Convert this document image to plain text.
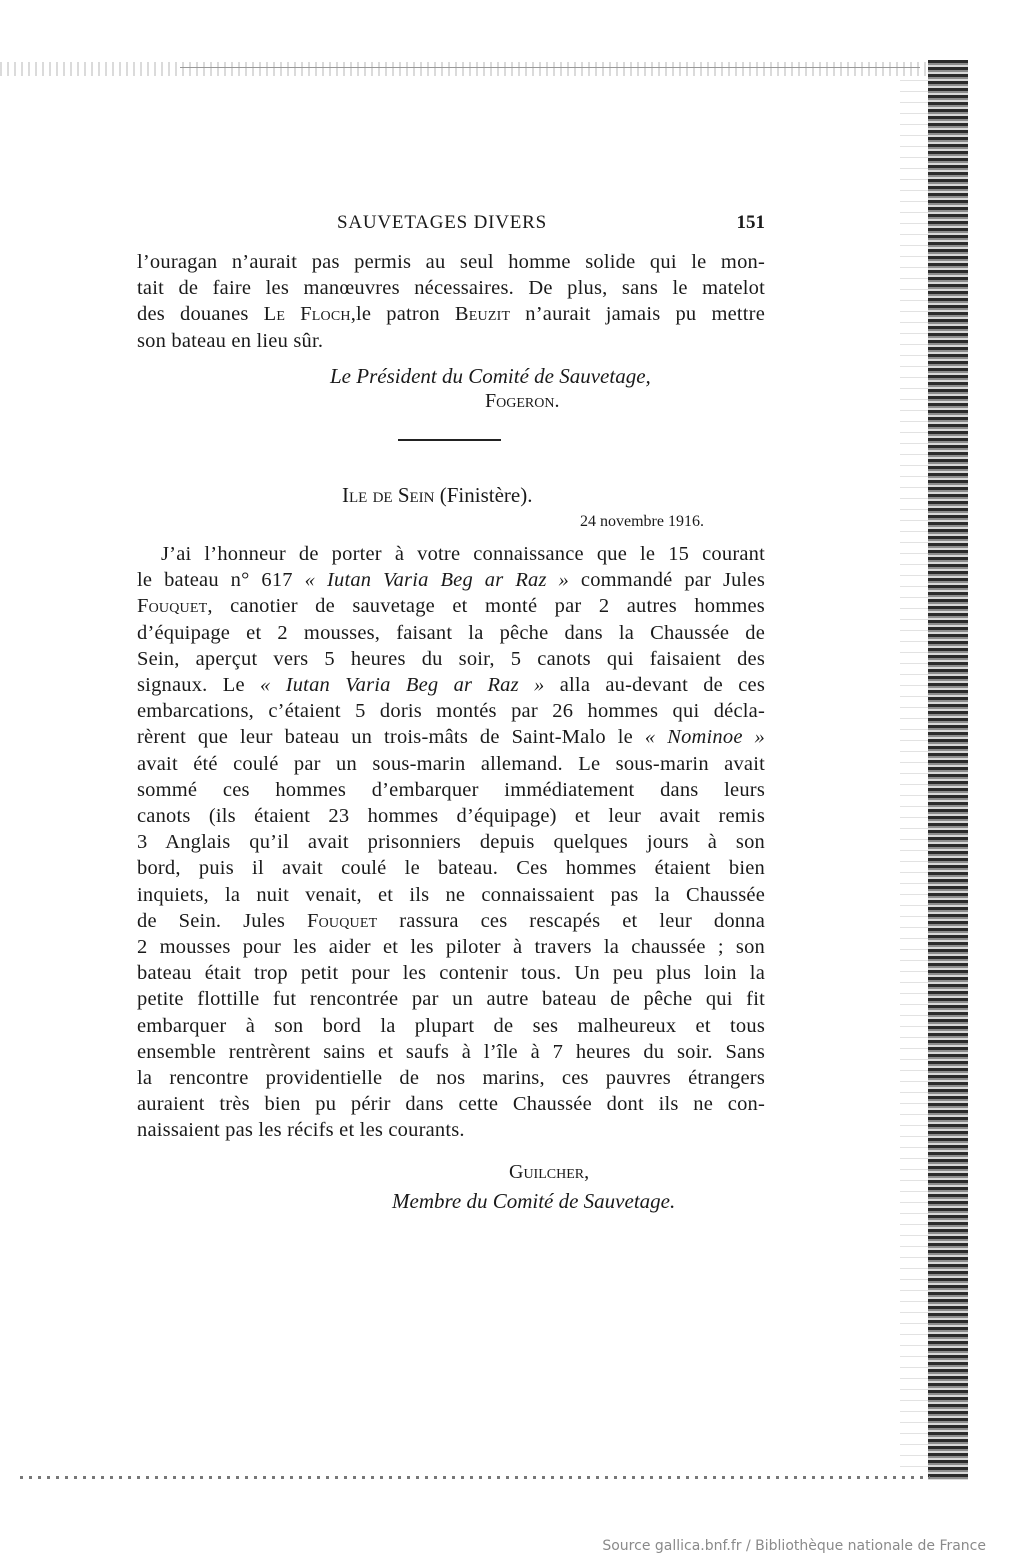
SAUVETAGES DIVERS	151
l’ouragan n’aurait pas permis au seul homme solide qui le mon-
tait de faire les manœuvres nécessaires. De plus, sans le matelot
des douanes Le Floch,le patron Beuzit n’aurait jamais pu mettre
son bateau en lieu sûr.
Le Président du Comité de Sauvetage,
Fogeron.
Ile de Sein (Finistère).
24 novembre 1916.
J’ai l’honneur de porter à votre connaissance que le 15 courant
le bateau n° 617 « Iutan Varia Beg ar Raz » commandé par Jules
Fouquet, canotier de sauvetage et monté par 2 autres hommes
d’équipage et 2 mousses, faisant la pêche dans la Chaussée de
Sein, aperçut vers 5 heures du soir, 5 canots qui faisaient des
signaux. Le « Iutan Varia Beg ar Raz » alla au-devant de ces
embarcations, c’étaient 5 doris montés par 26 hommes qui décla-
rèrent que leur bateau un trois-mâts de Saint-Malo le « Nominoe »
avait été coulé par un sous-marin allemand. Le sous-marin avait
sommé ces hommes d’embarquer immédiatement dans leurs
canots (ils étaient 23 hommes d’équipage) et leur avait remis
3 Anglais qu’il avait prisonniers depuis quelques jours à son
bord, puis il avait coulé le bateau. Ces hommes étaient bien
inquiets, la nuit venait, et ils ne connaissaient pas la Chaussée
de Sein. Jules Fouquet rassura ces rescapés et leur donna
2 mousses pour les aider et les piloter à travers la chaussée ; son
bateau était trop petit pour les contenir tous. Un peu plus loin la
petite flottille fut rencontrée par un autre bateau de pêche qui fit
embarquer à son bord la plupart de ses malheureux et tous
ensemble rentrèrent sains et saufs à l’île à 7 heures du soir. Sans
la rencontre providentielle de nos marins, ces pauvres étrangers
auraient très bien pu périr dans cette Chaussée dont ils ne con-
naissaient pas les récifs et les courants.
Guilcher,
Membre du Comité de Sauvetage.
Source gallica.bnf.fr / Bibliothèque nationale de France
